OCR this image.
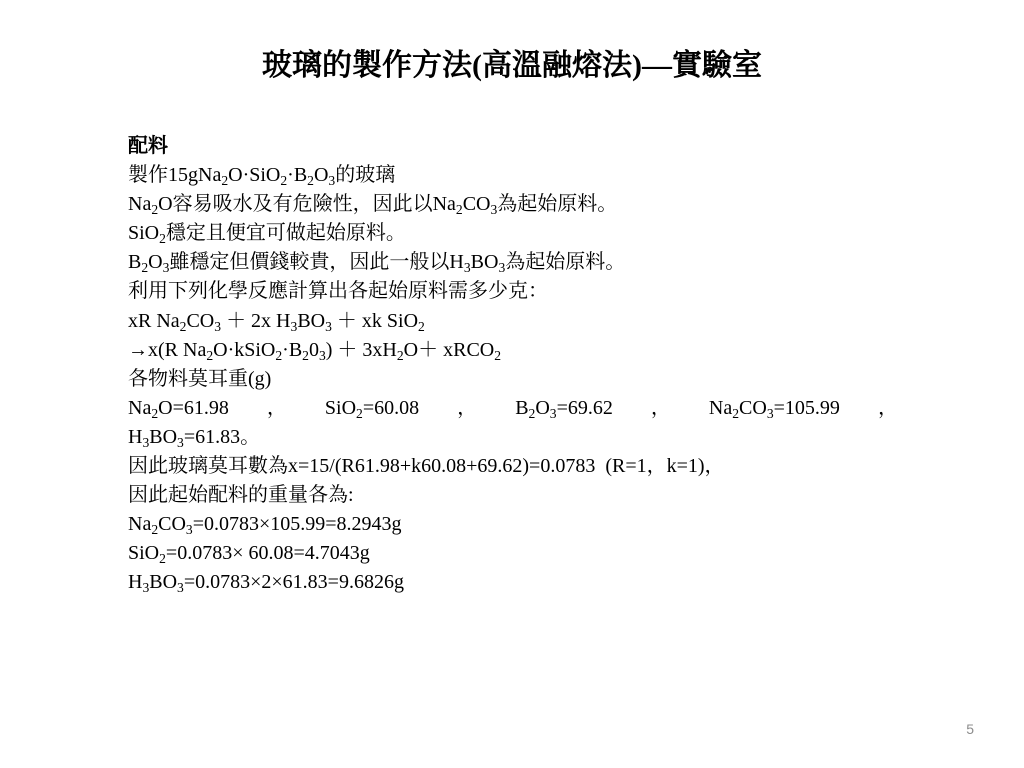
玻璃的製作方法(高溫融熔法)—實驗室
配料
製作$15gNa_2O\cdot SiO_2\cdot B_2O_3$的玻璃
$Na_2O$容易吸水及有危險性，因此以$Na_2CO_3$為起始原料。
SiO$_2$穩定且便宜可做起始原料。
$B_2O_3$雖穩定但價錢較貴，因此一般以$H_3BO_3$為起始原料。
利用下列化學反應計算出各起始原料需多少克：
xR $Na_2CO_3 + 2x$ $H_3BO_3$ ＋ xk SiO$_2$
→x(R $Na_2O\cdot kSiO_2\cdot B_20_3) + 3xH_2O+$ xRCO$_2$
各物料莫耳重(g)
$Na_2O=61.98$ ， SiO$_2$=60.08 ， $B_2O_3=69.62$ ， $Na_2CO_3=105.99$ ，
$H_3BO_3=61.83$。
因此玻璃莫耳數為x=15/(R61.98+k60.08+69.62)=0.0783  (R=1，k=1)，
因此起始配料的重量各為:
$Na_2CO_3=0.0783\times 105.99=8.2943g$
SiO$_2$=0.0783× 60.08=4.7043g
$H_3BO_3=0.0783\times 2\times 61.83=9.6826g$
5
